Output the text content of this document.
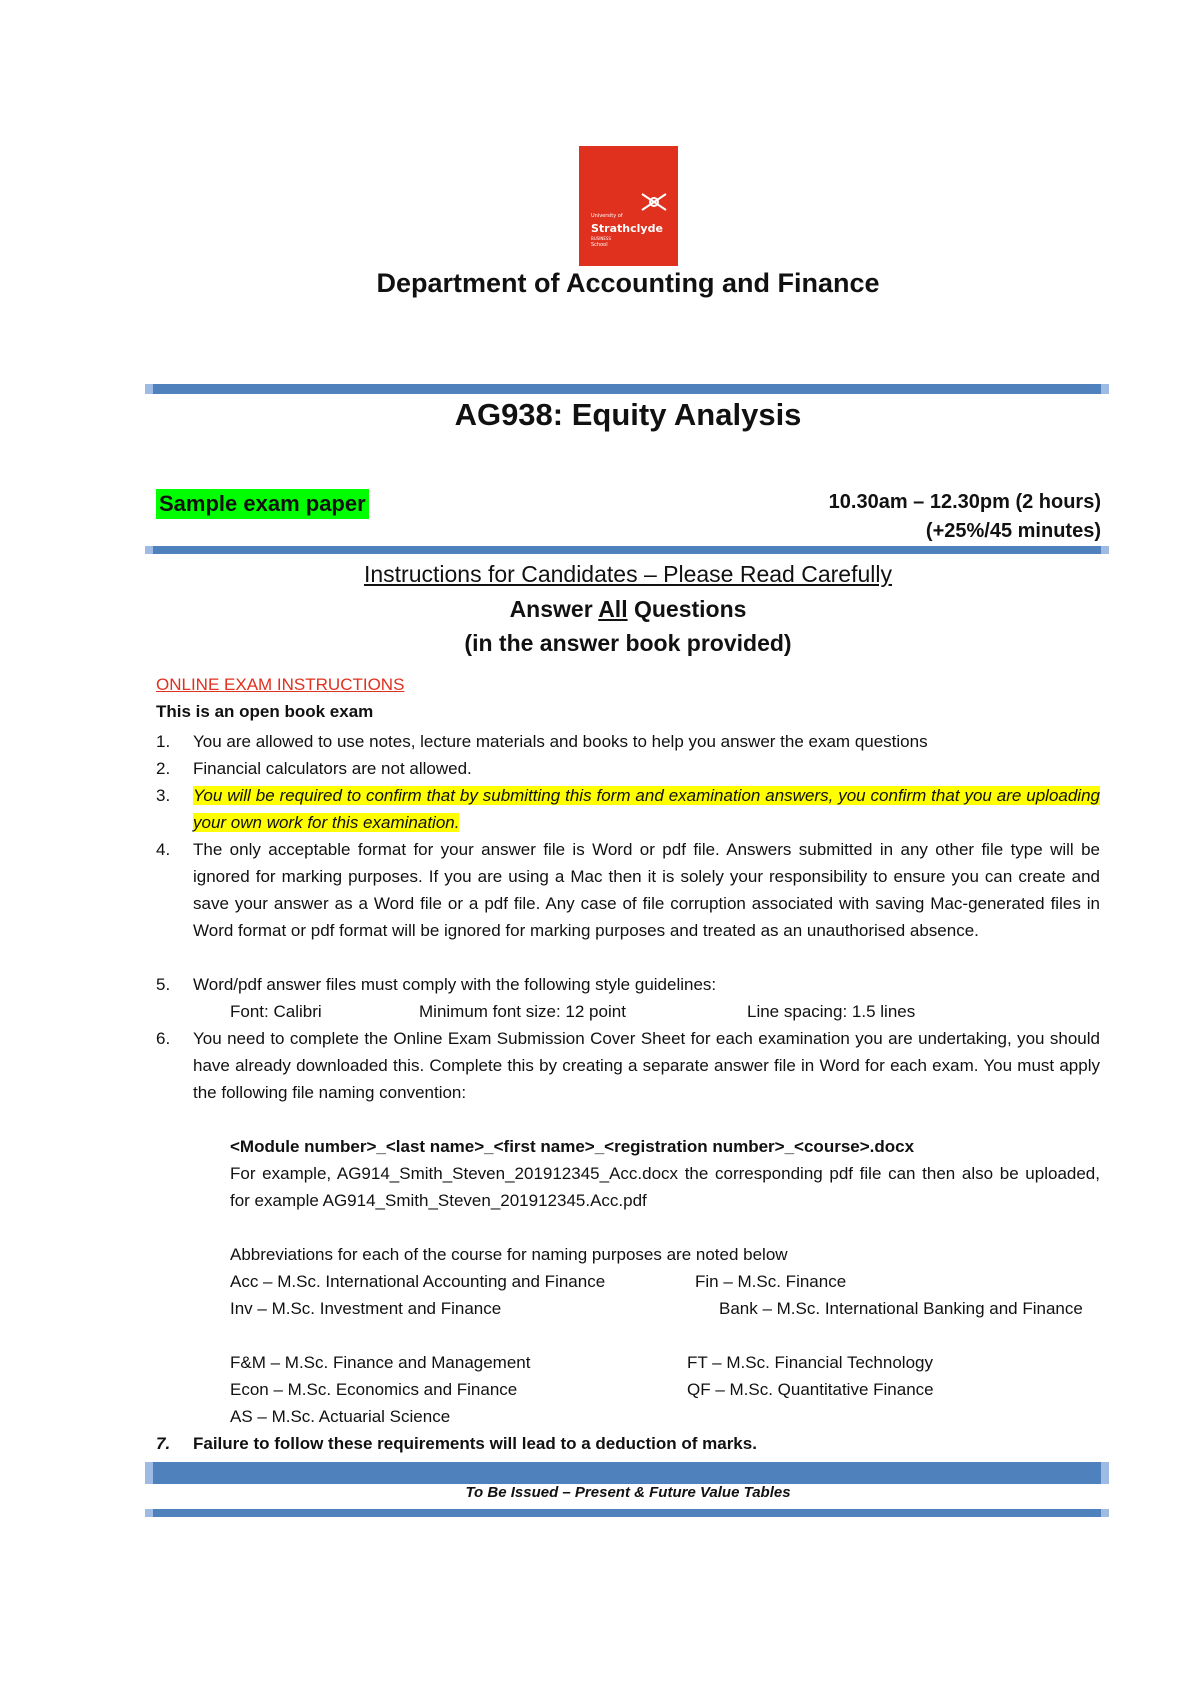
University of
Strathclyde
BUSINESS
School
Department of Accounting and Finance
AG938: Equity Analysis
Sample exam paper	10.30am – 12.30pm (2 hours)
(+25%/45 minutes)
Instructions for Candidates – Please Read Carefully
Answer All Questions
(in the answer book provided)
ONLINE EXAM INSTRUCTIONS
This is an open book exam
1.	You are allowed to use notes, lecture materials and books to help you answer the exam questions
2.	Financial calculators are not allowed.
3.	You will be required to confirm that by submitting this form and examination answers, you confirm that you are uploading your own work for this examination.
4.	The only acceptable format for your answer file is Word or pdf file. Answers submitted in any other file type will be ignored for marking purposes. If you are using a Mac then it is solely your responsibility to ensure you can create and save your answer as a Word file or a pdf file. Any case of file corruption associated with saving Mac-generated files in Word format or pdf format will be ignored for marking purposes and treated as an unauthorised absence.
5.	Word/pdf answer files must comply with the following style guidelines:
Font: Calibri	Minimum font size: 12 point	Line spacing: 1.5 lines
6.	You need to complete the Online Exam Submission Cover Sheet for each examination you are undertaking, you should have already downloaded this. Complete this by creating a separate answer file in Word for each exam. You must apply the following file naming convention:
<Module number>_<last name>_<first name>_<registration number>_<course>.docx
For example, AG914_Smith_Steven_201912345_Acc.docx the corresponding pdf file can then also be uploaded, for example AG914_Smith_Steven_201912345.Acc.pdf
Abbreviations for each of the course for naming purposes are noted below
Acc – M.Sc. International Accounting and Finance	Fin – M.Sc. Finance
Inv – M.Sc. Investment and Finance	Bank – M.Sc. International Banking and Finance
F&M – M.Sc. Finance and Management	FT – M.Sc. Financial Technology
Econ – M.Sc. Economics and Finance	QF – M.Sc. Quantitative Finance
AS – M.Sc. Actuarial Science
7.	Failure to follow these requirements will lead to a deduction of marks.
To Be Issued – Present & Future Value Tables
